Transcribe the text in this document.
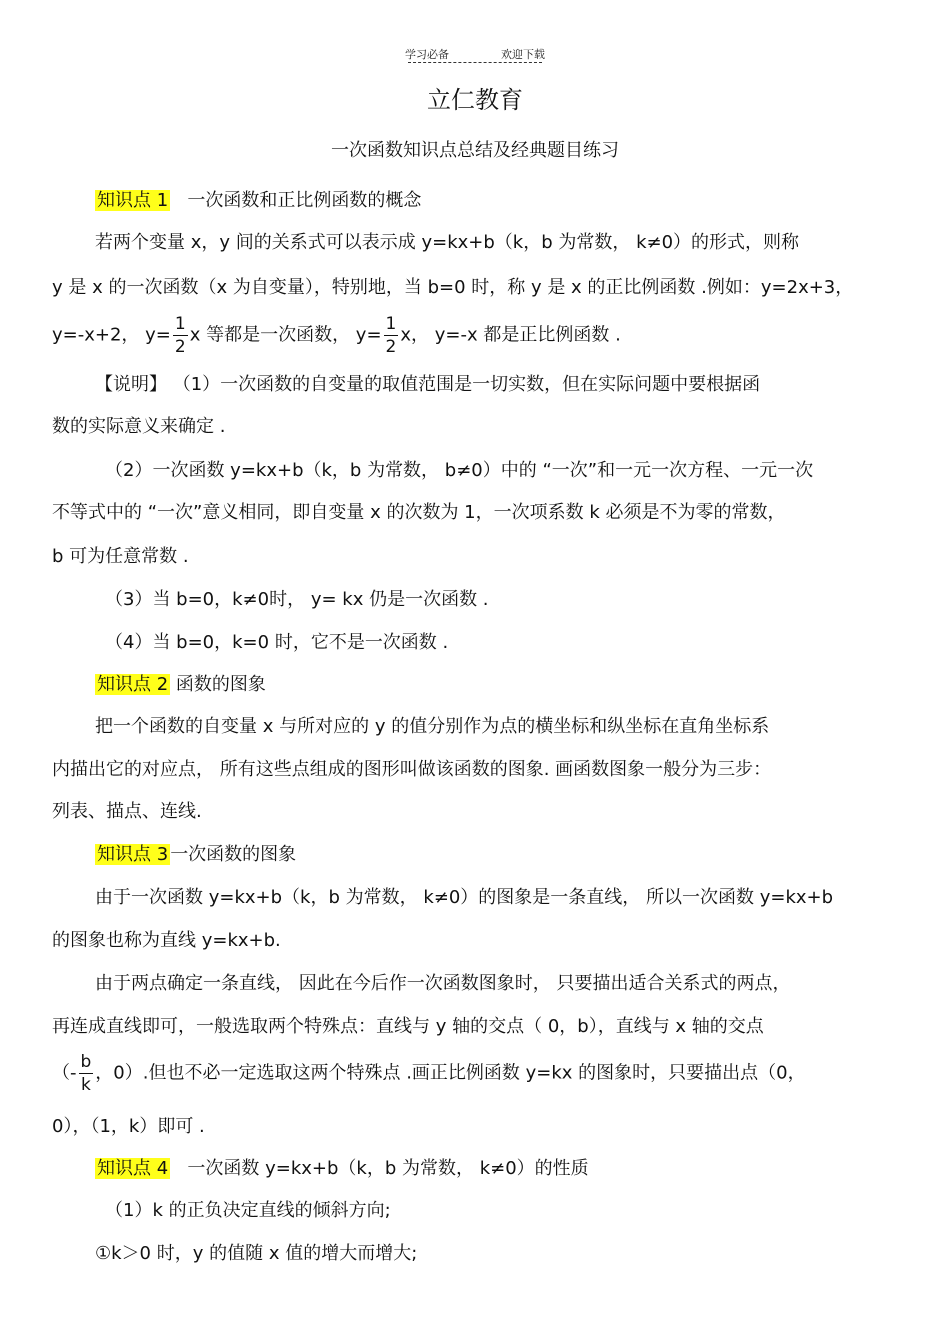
学习必备	欢迎下载
立仁教育
一次函数知识点总结及经典题目练习
知识点 1 一次函数和正比例函数的概念
若两个变量 x，y 间的关系式可以表示成 y=kx+b（k，b 为常数， k≠0）的形式，则称
y 是 x 的一次函数（x 为自变量），特别地，当 b=0 时，称 y 是 x 的正比例函数 .例如：y=2x+3，
y=-x+2， $y= \frac{1}{2}$ x 等都是一次函数， $y= \frac{1}{2}$ x， y=-x 都是正比例函数 .
【说明】 （1）一次函数的自变量的取值范围是一切实数，但在实际问题中要根据函
数的实际意义来确定 .
（2）一次函数 y=kx+b（k，b 为常数， b≠0）中的 “一次”和一元一次方程、一元一次
不等式中的 “一次”意义相同，即自变量 x 的次数为 1，一次项系数 k 必须是不为零的常数，
b 可为任意常数 .
（3）当 b=0，k≠0时， y= kx 仍是一次函数 .
（4）当 b=0，k=0 时，它不是一次函数 .
知识点 2 函数的图象
把一个函数的自变量 x 与所对应的 y 的值分别作为点的横坐标和纵坐标在直角坐标系
内描出它的对应点， 所有这些点组成的图形叫做该函数的图象. 画函数图象一般分为三步：
列表、描点、连线.
知识点 3 一次函数的图象
由于一次函数 y=kx+b（k，b 为常数， k≠0）的图象是一条直线， 所以一次函数 y=kx+b
的图象也称为直线 y=kx+b.
由于两点确定一条直线， 因此在今后作一次函数图象时， 只要描出适合关系式的两点，
再连成直线即可，一般选取两个特殊点：直线与 y 轴的交点（ 0，b），直线与 x 轴的交点
（- $\frac{b}{k}$ ，0）.但也不必一定选取这两个特殊点 .画正比例函数 y=kx 的图象时，只要描出点（0，
0），（1，k）即可 .
知识点 4 一次函数 y=kx+b（k，b 为常数， k≠0）的性质
（1）k 的正负决定直线的倾斜方向;
①k＞0 时，y 的值随 x 值的增大而增大;
